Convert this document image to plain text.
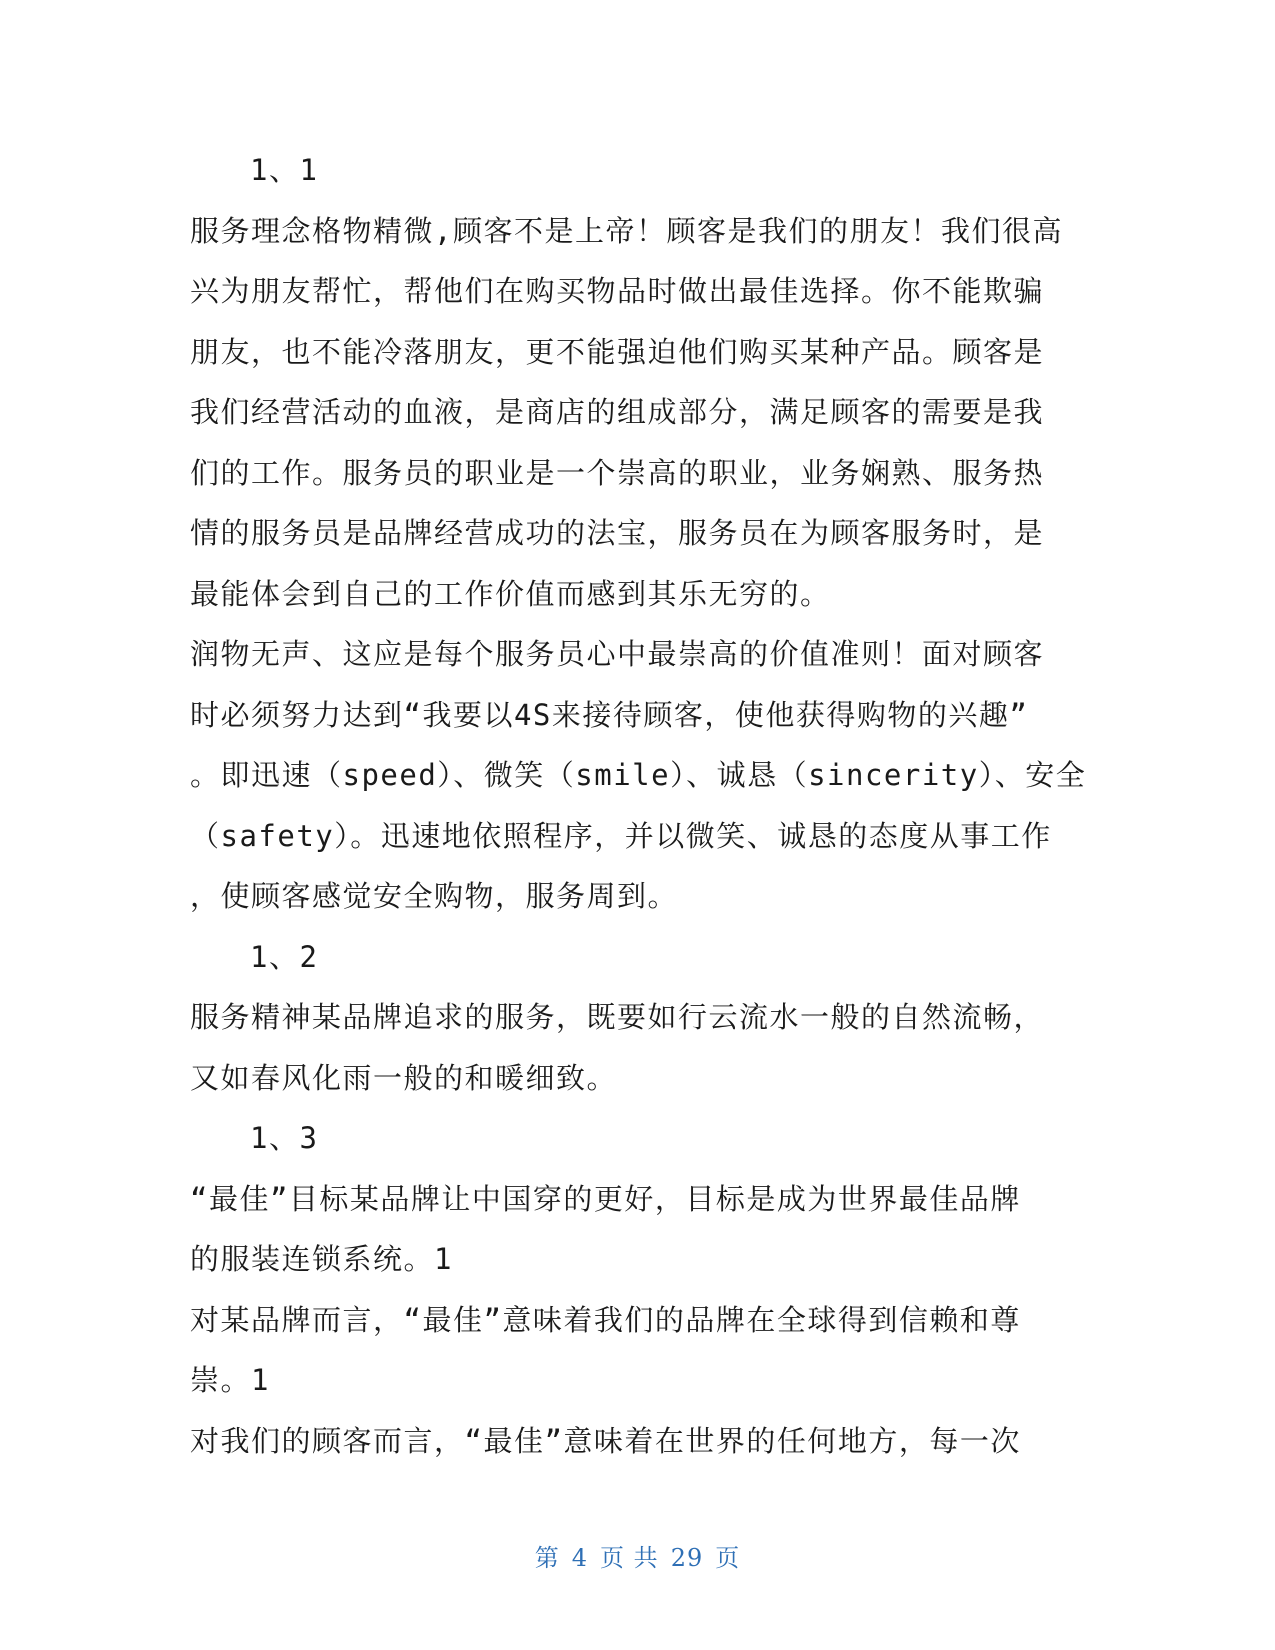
1、1
服务理念格物精微,顾客不是上帝！顾客是我们的朋友！我们很高
兴为朋友帮忙，帮他们在购买物品时做出最佳选择。你不能欺骗
朋友，也不能冷落朋友，更不能强迫他们购买某种产品。顾客是
我们经营活动的血液，是商店的组成部分，满足顾客的需要是我
们的工作。服务员的职业是一个崇高的职业，业务娴熟、服务热
情的服务员是品牌经营成功的法宝，服务员在为顾客服务时，是
最能体会到自己的工作价值而感到其乐无穷的。
润物无声、这应是每个服务员心中最崇高的价值准则！面对顾客
时必须努力达到“我要以4S来接待顾客，使他获得购物的兴趣”
。即迅速（speed）、微笑（smile）、诚恳（sincerity）、安全
（safety）。迅速地依照程序，并以微笑、诚恳的态度从事工作
，使顾客感觉安全购物，服务周到。
1、2
服务精神某品牌追求的服务，既要如行云流水一般的自然流畅，
又如春风化雨一般的和暖细致。
1、3
“最佳”目标某品牌让中国穿的更好，目标是成为世界最佳品牌
的服装连锁系统。1
对某品牌而言，“最佳”意味着我们的品牌在全球得到信赖和尊
崇。1
对我们的顾客而言，“最佳”意味着在世界的任何地方，每一次
第 4 页 共 29 页
